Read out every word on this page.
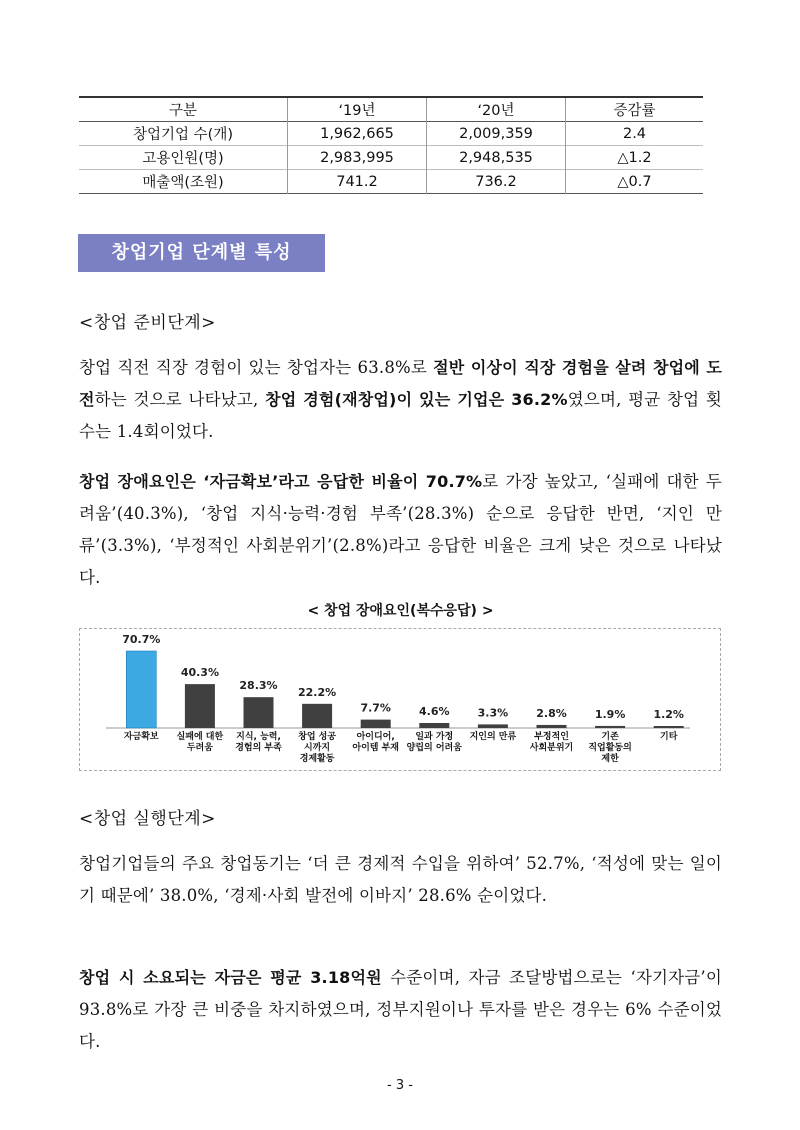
구분	‘19년	‘20년	증감률
창업기업 수(개)	1,962,665	2,009,359	2.4
고용인원(명)	2,983,995	2,948,535	△1.2
매출액(조원)	741.2	736.2	△0.7
창업기업 단계별 특성
<창업 준비단계>
창업 직전 직장 경험이 있는 창업자는 63.8%로 절반 이상이 직장 경험을 살려 창업에 도전하는 것으로 나타났고, 창업 경험(재창업)이 있는 기업은 36.2%였으며, 평균 창업 횟수는 1.4회이었다.
창업 장애요인은 ‘자금확보’라고 응답한 비율이 70.7%로 가장 높았고, ‘실패에 대한 두려움’(40.3%), ‘창업 지식·능력·경험 부족’(28.3%) 순으로 응답한 반면, ‘지인 만류’(3.3%), ‘부정적인 사회분위기’(2.8%)라고 응답한 비율은 크게 낮은 것으로 나타났다.
< 창업 장애요인(복수응답) >
70.7%
자금확보
40.3%
실패에 대한 두려움
28.3%
지식, 능력, 경험의 부족
22.2%
창업 성공 시까지 경제활동
7.7%
아이디어, 아이템 부재
4.6%
일과 가정 양립의 어려움
3.3%
지인의 만류
2.8%
부정적인 사회분위기
1.9%
기존 직업활동의 제한
1.2%
기타
<창업 실행단계>
창업기업들의 주요 창업동기는 ‘더 큰 경제적 수입을 위하여’ 52.7%, ‘적성에 맞는 일이기 때문에’ 38.0%, ‘경제·사회 발전에 이바지’ 28.6% 순이었다.
창업 시 소요되는 자금은 평균 3.18억원 수준이며, 자금 조달방법으로는 ‘자기자금’이 93.8%로 가장 큰 비중을 차지하였으며, 정부지원이나 투자를 받은 경우는 6% 수준이었다.
- 3 -
